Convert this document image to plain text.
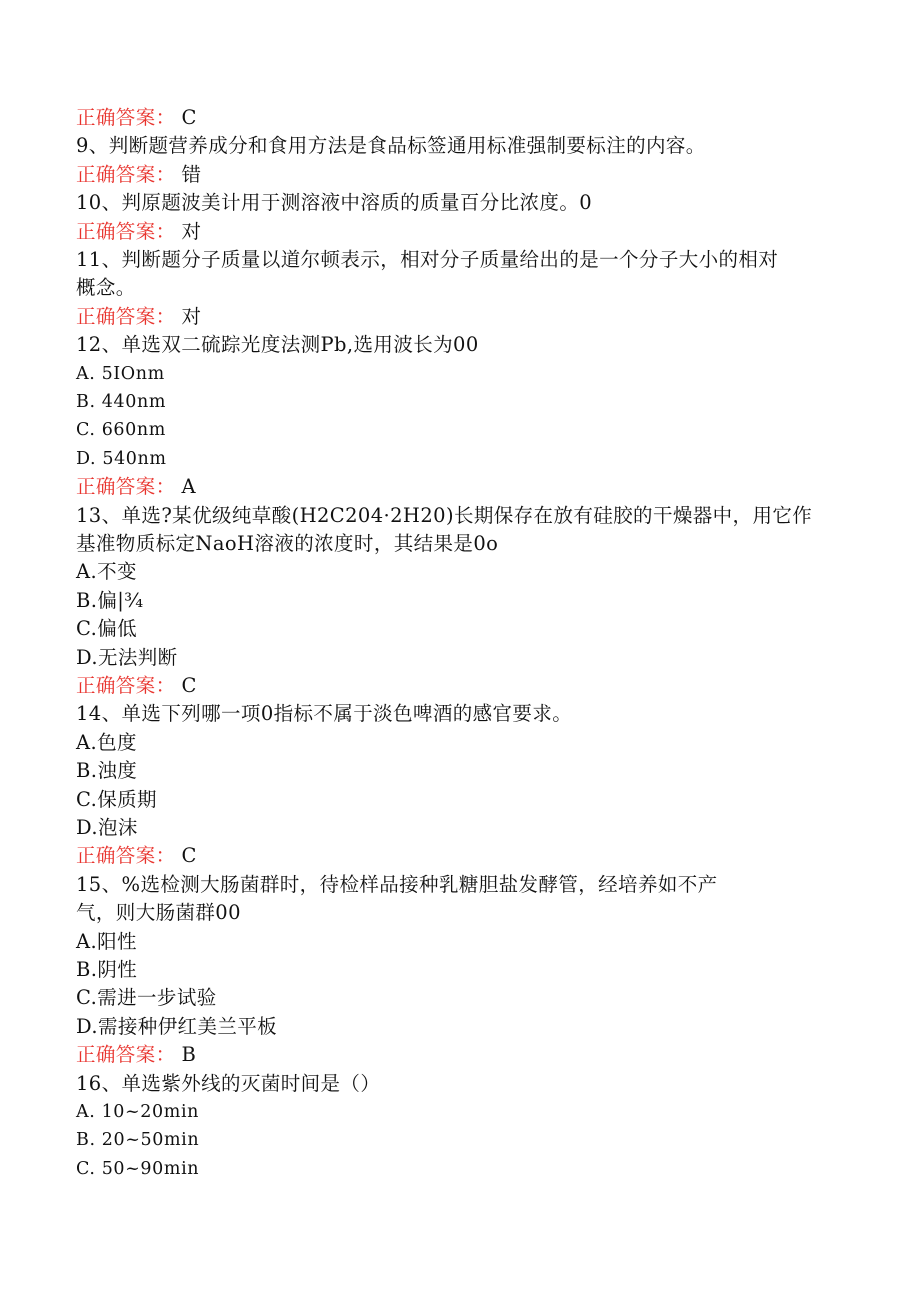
正确答案： C
9、判断题营养成分和食用方法是食品标签通用标准强制要标注的内容。
正确答案： 错
10、判原题波美计用于测溶液中溶质的质量百分比浓度。0
正确答案： 对
11、判断题分子质量以道尔顿表示，相对分子质量给出的是一个分子大小的相对
概念。
正确答案： 对
12、单选双二硫踪光度法测Pb,选用波长为00
A. 5IOnm
B. 440nm
C. 660nm
D. 540nm
正确答案： A
13、单选?某优级纯草酸(H2C204·2H20)长期保存在放有硅胶的干燥器中，用它作
基准物质标定NaoH溶液的浓度时，其结果是0o
A.不变
B.偏|¾
C.偏低
D.无法判断
正确答案： C
14、单选下列哪一项0指标不属于淡色啤酒的感官要求。
A.色度
B.浊度
C.保质期
D.泡沫
正确答案： C
15、%选检测大肠菌群时，待检样品接种乳糖胆盐发酵管，经培养如不产
气，则大肠菌群00
A.阳性
B.阴性
C.需进一步试验
D.需接种伊红美兰平板
正确答案： B
16、单选紫外线的灭菌时间是（）
A. 10~20min
B. 20~50min
C. 50~90min
